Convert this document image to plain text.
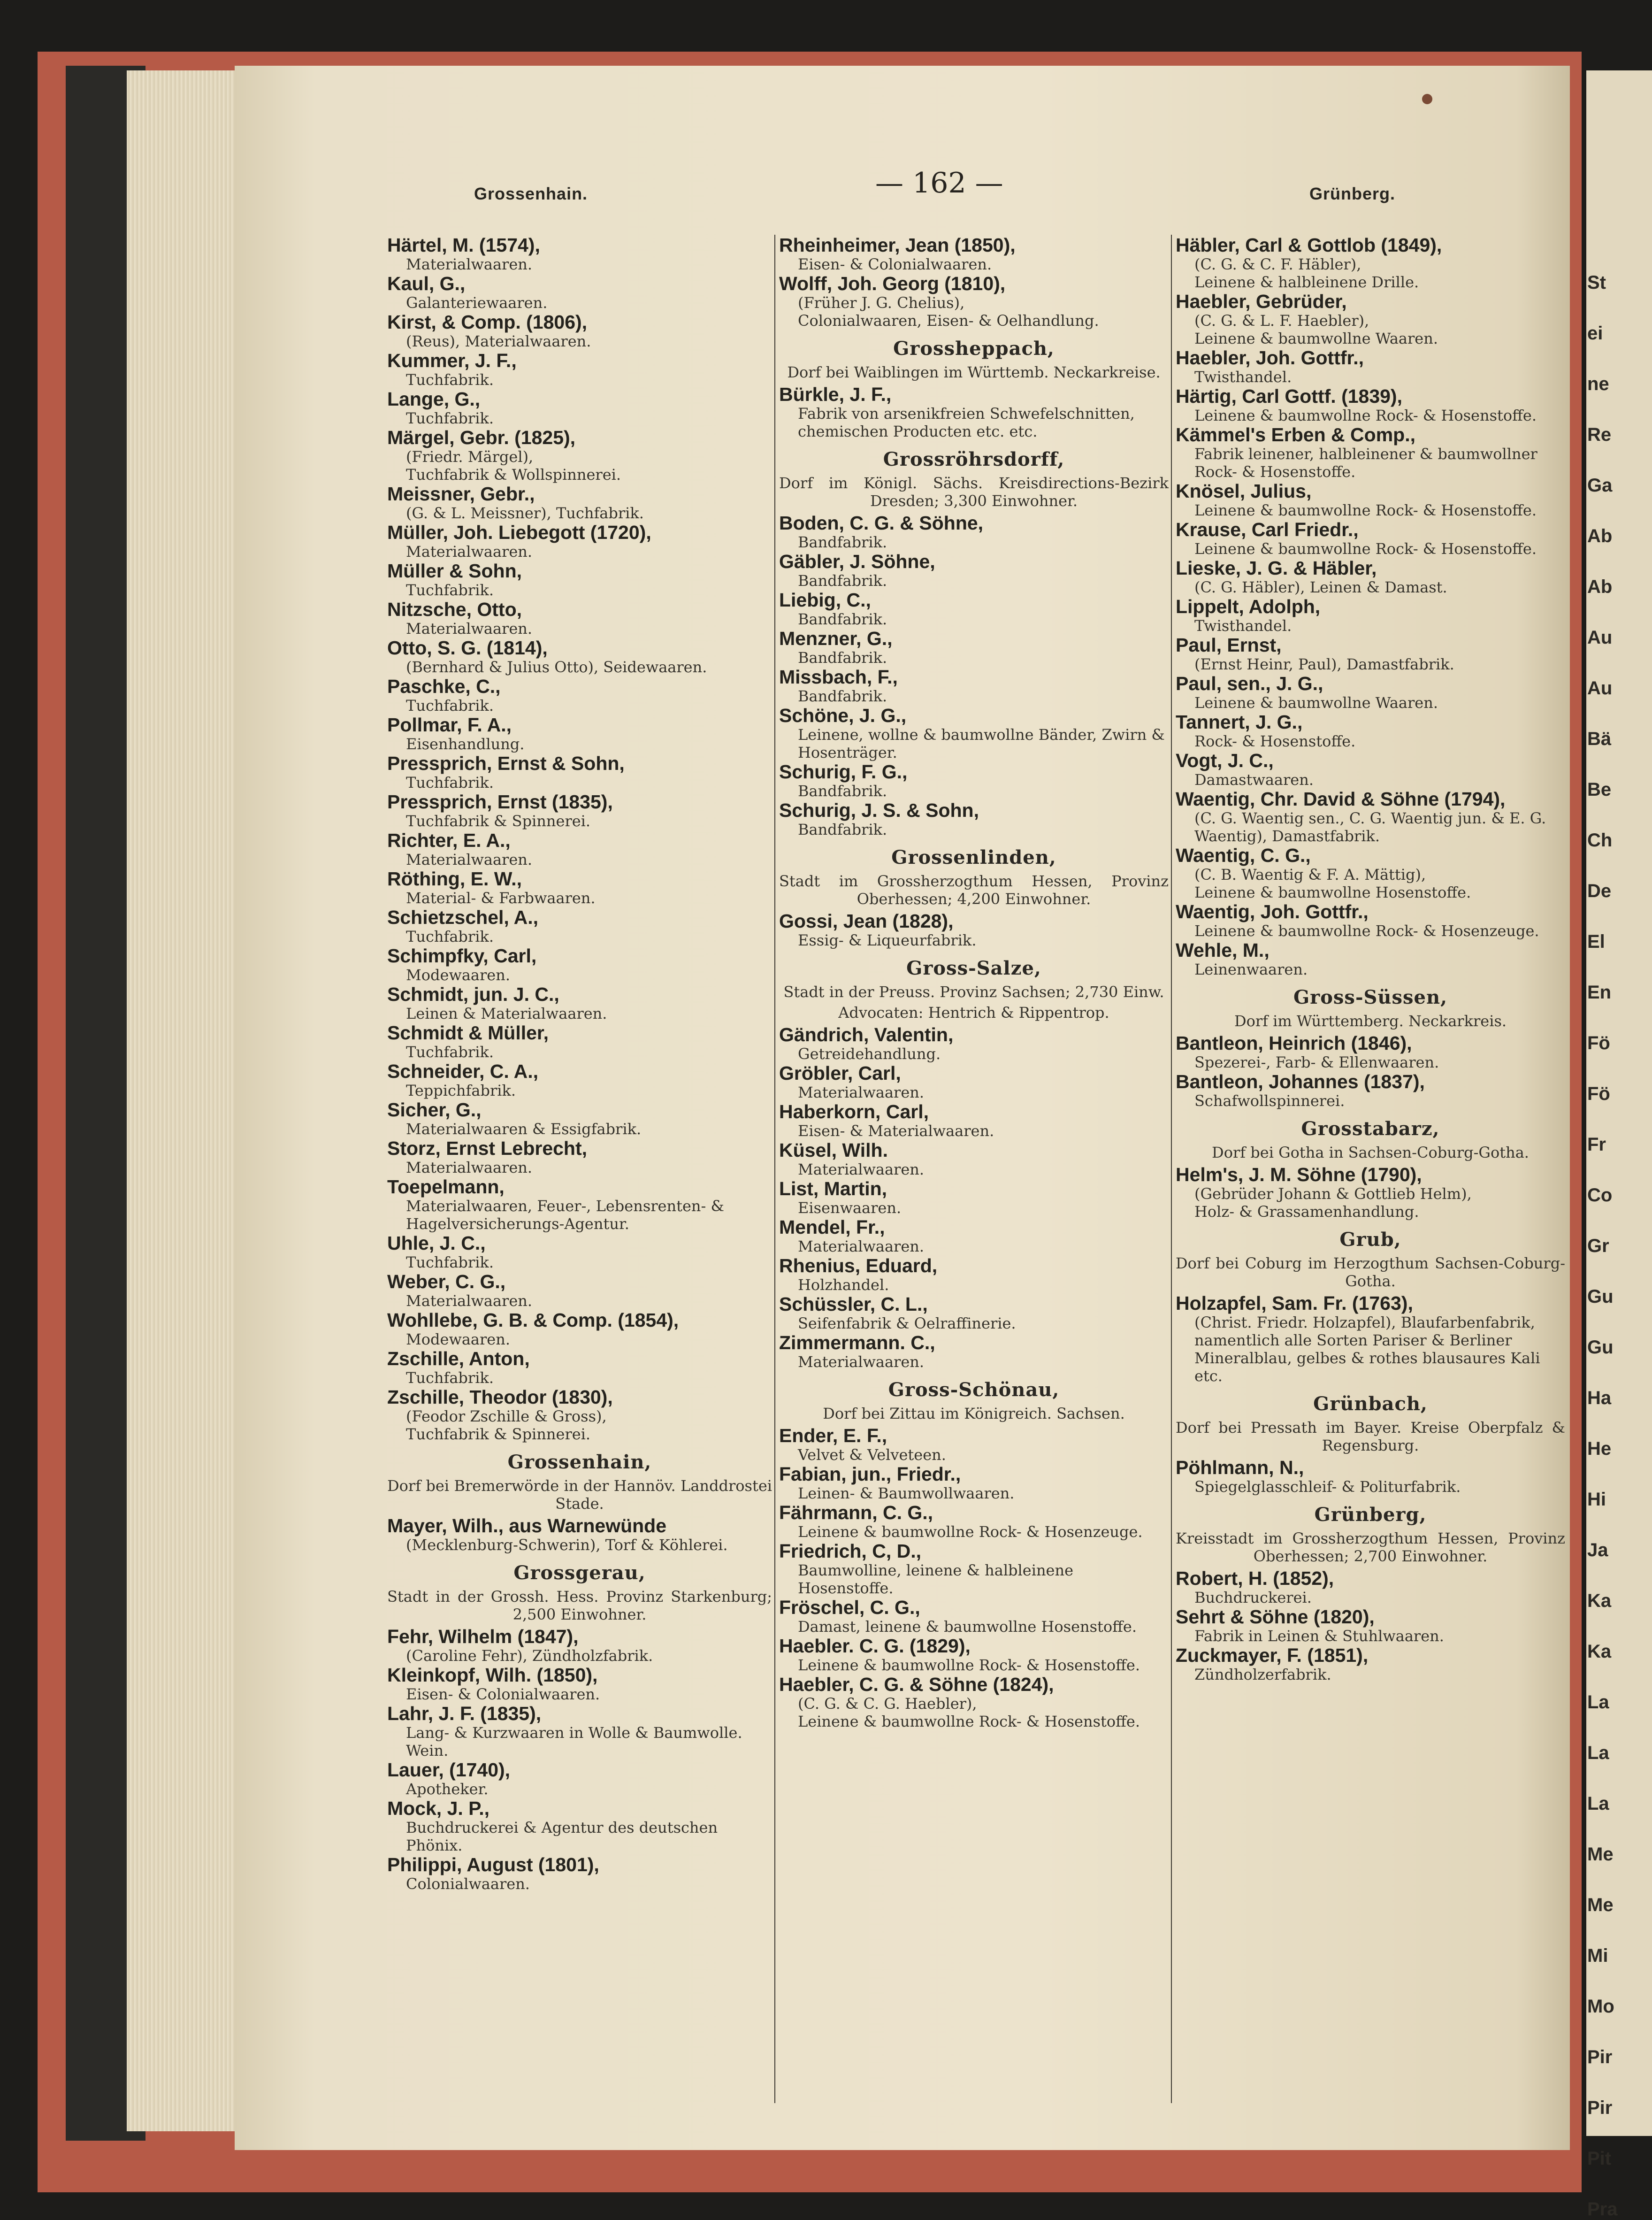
St
ei
ne
Re
Ga
Ab
Ab
Au
Au
Bä
Be
Ch
De
El
En
Fö
Fö
Fr
Co
Gr
Gu
Gu
Ha
He
Hi
Ja
Ka
Ka
La
La
La
Me
Me
Mi
Mo
Pir
Pir
Pit
Pra
Grossenhain.	— 162 —	Grünberg.
Härtel, M. (1574),
Materialwaaren.
Kaul, G.,
Galanteriewaaren.
Kirst, & Comp. (1806),
(Reus), Materialwaaren.
Kummer, J. F.,
Tuchfabrik.
Lange, G.,
Tuchfabrik.
Märgel, Gebr. (1825),
(Friedr. Märgel),
Tuchfabrik & Wollspinnerei.
Meissner, Gebr.,
(G. & L. Meissner), Tuchfabrik.
Müller, Joh. Liebegott (1720),
Materialwaaren.
Müller & Sohn,
Tuchfabrik.
Nitzsche, Otto,
Materialwaaren.
Otto, S. G. (1814),
(Bernhard & Julius Otto), Seidewaaren.
Paschke, C.,
Tuchfabrik.
Pollmar, F. A.,
Eisenhandlung.
Pressprich, Ernst & Sohn,
Tuchfabrik.
Pressprich, Ernst (1835),
Tuchfabrik & Spinnerei.
Richter, E. A.,
Materialwaaren.
Röthing, E. W.,
Material- & Farbwaaren.
Schietzschel, A.,
Tuchfabrik.
Schimpfky, Carl,
Modewaaren.
Schmidt, jun. J. C.,
Leinen & Materialwaaren.
Schmidt & Müller,
Tuchfabrik.
Schneider, C. A.,
Teppichfabrik.
Sicher, G.,
Materialwaaren & Essigfabrik.
Storz, Ernst Lebrecht,
Materialwaaren.
Toepelmann,
Materialwaaren, Feuer-, Lebensrenten- &
Hagelversicherungs-Agentur.
Uhle, J. C.,
Tuchfabrik.
Weber, C. G.,
Materialwaaren.
Wohllebe, G. B. & Comp. (1854),
Modewaaren.
Zschille, Anton,
Tuchfabrik.
Zschille, Theodor (1830),
(Feodor Zschille & Gross),
Tuchfabrik & Spinnerei.
Grossenhain,
Dorf bei Bremerwörde in der Hannöv. Landdrostei Stade.
Mayer, Wilh., aus Warnewünde
(Mecklenburg-Schwerin), Torf & Köhlerei.
Grossgerau,
Stadt in der Grossh. Hess. Provinz Starkenburg; 2,500 Einwohner.
Fehr, Wilhelm (1847),
(Caroline Fehr), Zündholzfabrik.
Kleinkopf, Wilh. (1850),
Eisen- & Colonialwaaren.
Lahr, J. F. (1835),
Lang- & Kurzwaaren in Wolle & Baumwolle. Wein.
Lauer, (1740),
Apotheker.
Mock, J. P.,
Buchdruckerei & Agentur des deutschen Phönix.
Philippi, August (1801),
Colonialwaaren.
Rheinheimer, Jean (1850),
Eisen- & Colonialwaaren.
Wolff, Joh. Georg (1810),
(Früher J. G. Chelius),
Colonialwaaren, Eisen- & Oelhandlung.
Grossheppach,
Dorf bei Waiblingen im Württemb. Neckarkreise.
Bürkle, J. F.,
Fabrik von arsenikfreien Schwefelschnitten, chemischen Producten etc. etc.
Grossröhrsdorff,
Dorf im Königl. Sächs. Kreisdirections-Bezirk Dresden; 3,300 Einwohner.
Boden, C. G. & Söhne,
Bandfabrik.
Gäbler, J. Söhne,
Bandfabrik.
Liebig, C.,
Bandfabrik.
Menzner, G.,
Bandfabrik.
Missbach, F.,
Bandfabrik.
Schöne, J. G.,
Leinene, wollne & baumwollne Bänder, Zwirn & Hosenträger.
Schurig, F. G.,
Bandfabrik.
Schurig, J. S. & Sohn,
Bandfabrik.
Grossenlinden,
Stadt im Grossherzogthum Hessen, Provinz Oberhessen; 4,200 Einwohner.
Gossi, Jean (1828),
Essig- & Liqueurfabrik.
Gross-Salze,
Stadt in der Preuss. Provinz Sachsen; 2,730 Einw.
Advocaten: Hentrich & Rippentrop.
Gändrich, Valentin,
Getreidehandlung.
Gröbler, Carl,
Materialwaaren.
Haberkorn, Carl,
Eisen- & Materialwaaren.
Küsel, Wilh.
Materialwaaren.
List, Martin,
Eisenwaaren.
Mendel, Fr.,
Materialwaaren.
Rhenius, Eduard,
Holzhandel.
Schüssler, C. L.,
Seifenfabrik & Oelraffinerie.
Zimmermann. C.,
Materialwaaren.
Gross-Schönau,
Dorf bei Zittau im Königreich. Sachsen.
Ender, E. F.,
Velvet & Velveteen.
Fabian, jun., Friedr.,
Leinen- & Baumwollwaaren.
Fährmann, C. G.,
Leinene & baumwollne Rock- & Hosenzeuge.
Friedrich, C, D.,
Baumwolline, leinene & halbleinene Hosenstoffe.
Fröschel, C. G.,
Damast, leinene & baumwollne Hosenstoffe.
Haebler. C. G. (1829),
Leinene & baumwollne Rock- & Hosenstoffe.
Haebler, C. G. & Söhne (1824),
(C. G. & C. G. Haebler),
Leinene & baumwollne Rock- & Hosenstoffe.
Häbler, Carl & Gottlob (1849),
(C. G. & C. F. Häbler),
Leinene & halbleinene Drille.
Haebler, Gebrüder,
(C. G. & L. F. Haebler),
Leinene & baumwollne Waaren.
Haebler, Joh. Gottfr.,
Twisthandel.
Härtig, Carl Gottf. (1839),
Leinene & baumwollne Rock- & Hosenstoffe.
Kämmel's Erben & Comp.,
Fabrik leinener, halbleinener & baumwollner Rock- & Hosenstoffe.
Knösel, Julius,
Leinene & baumwollne Rock- & Hosenstoffe.
Krause, Carl Friedr.,
Leinene & baumwollne Rock- & Hosenstoffe.
Lieske, J. G. & Häbler,
(C. G. Häbler), Leinen & Damast.
Lippelt, Adolph,
Twisthandel.
Paul, Ernst,
(Ernst Heinr, Paul), Damastfabrik.
Paul, sen., J. G.,
Leinene & baumwollne Waaren.
Tannert, J. G.,
Rock- & Hosenstoffe.
Vogt, J. C.,
Damastwaaren.
Waentig, Chr. David & Söhne (1794),
(C. G. Waentig sen., C. G. Waentig jun. & E. G. Waentig), Damastfabrik.
Waentig, C. G.,
(C. B. Waentig & F. A. Mättig),
Leinene & baumwollne Hosenstoffe.
Waentig, Joh. Gottfr.,
Leinene & baumwollne Rock- & Hosenzeuge.
Wehle, M.,
Leinenwaaren.
Gross-Süssen,
Dorf im Württemberg. Neckarkreis.
Bantleon, Heinrich (1846),
Spezerei-, Farb- & Ellenwaaren.
Bantleon, Johannes (1837),
Schafwollspinnerei.
Grosstabarz,
Dorf bei Gotha in Sachsen-Coburg-Gotha.
Helm's, J. M. Söhne (1790),
(Gebrüder Johann & Gottlieb Helm),
Holz- & Grassamenhandlung.
Grub,
Dorf bei Coburg im Herzogthum Sachsen-Coburg-Gotha.
Holzapfel, Sam. Fr. (1763),
(Christ. Friedr. Holzapfel), Blaufarbenfabrik, namentlich alle Sorten Pariser & Berliner Mineralblau, gelbes & rothes blausaures Kali etc.
Grünbach,
Dorf bei Pressath im Bayer. Kreise Oberpfalz & Regensburg.
Pöhlmann, N.,
Spiegelglasschleif- & Politurfabrik.
Grünberg,
Kreisstadt im Grossherzogthum Hessen, Provinz Oberhessen; 2,700 Einwohner.
Robert, H. (1852),
Buchdruckerei.
Sehrt & Söhne (1820),
Fabrik in Leinen & Stuhlwaaren.
Zuckmayer, F. (1851),
Zündholzerfabrik.
